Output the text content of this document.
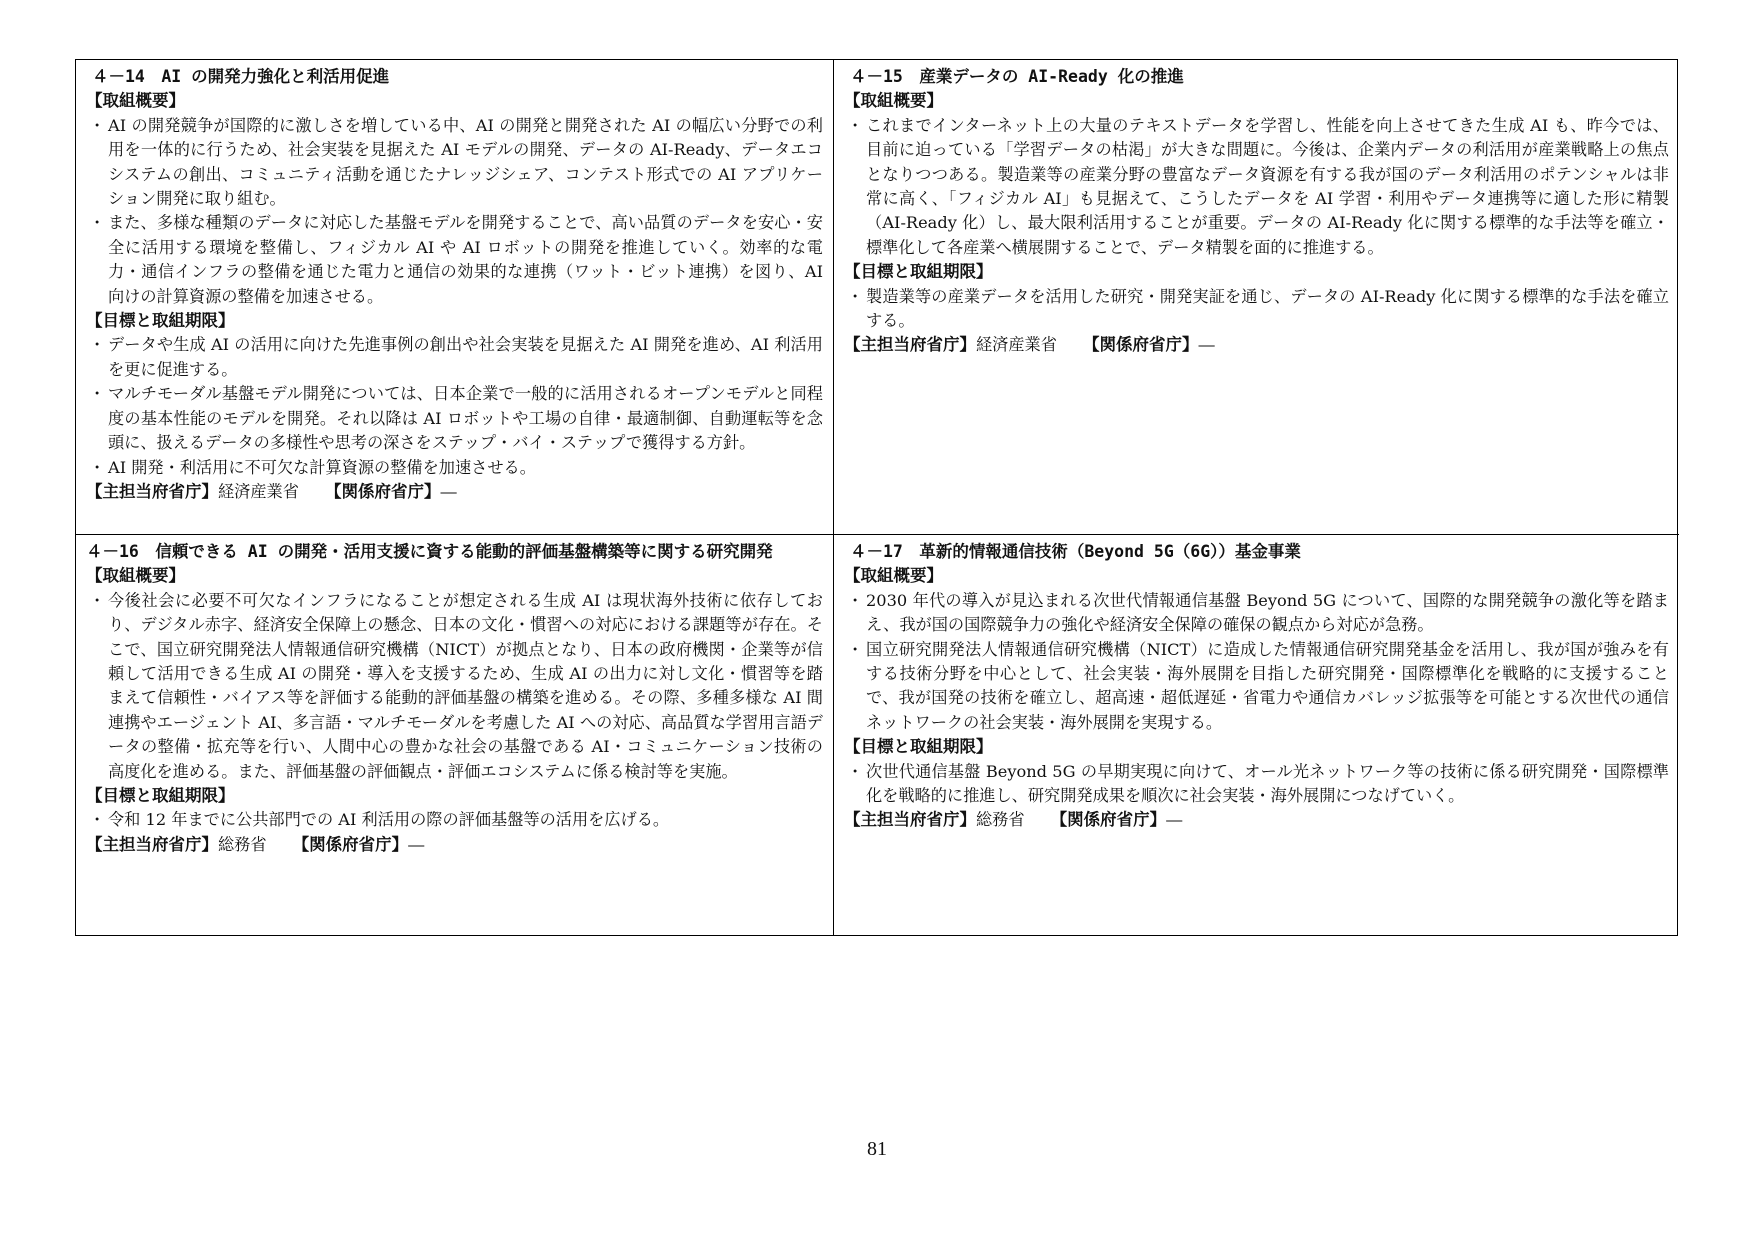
４－14　AI の開発力強化と利活用促進
【取組概要】
・ AI の開発競争が国際的に激しさを増している中、AI の開発と開発された AI の幅広い分野での利用を一体的に行うため、社会実装を見据えた AI モデルの開発、データの AI-Ready、データエコシステムの創出、コミュニティ活動を通じたナレッジシェア、コンテスト形式での AI アプリケーション開発に取り組む。
・ また、多様な種類のデータに対応した基盤モデルを開発することで、高い品質のデータを安心・安全に活用する環境を整備し、フィジカル AI や AI ロボットの開発を推進していく。効率的な電力・通信インフラの整備を通じた電力と通信の効果的な連携（ワット・ビット連携）を図り、AI 向けの計算資源の整備を加速させる。
【目標と取組期限】
・ データや生成 AI の活用に向けた先進事例の創出や社会実装を見据えた AI 開発を進め、AI 利活用を更に促進する。
・ マルチモーダル基盤モデル開発については、日本企業で一般的に活用されるオープンモデルと同程度の基本性能のモデルを開発。それ以降は AI ロボットや工場の自律・最適制御、自動運転等を念頭に、扱えるデータの多様性や思考の深さをステップ・バイ・ステップで獲得する方針。
・ AI 開発・利活用に不可欠な計算資源の整備を加速させる。
【主担当府省庁】経済産業省 【関係府省庁】―
４－15　産業データの AI-Ready 化の推進
【取組概要】
・ これまでインターネット上の大量のテキストデータを学習し、性能を向上させてきた生成 AI も、昨今では、目前に迫っている「学習データの枯渇」が大きな問題に。今後は、企業内データの利活用が産業戦略上の焦点となりつつある。製造業等の産業分野の豊富なデータ資源を有する我が国のデータ利活用のポテンシャルは非常に高く、「フィジカル AI」も見据えて、こうしたデータを AI 学習・利用やデータ連携等に適した形に精製（AI-Ready 化）し、最大限利活用することが重要。データの AI-Ready 化に関する標準的な手法等を確立・標準化して各産業へ横展開することで、データ精製を面的に推進する。
【目標と取組期限】
・ 製造業等の産業データを活用した研究・開発実証を通じ、データの AI-Ready 化に関する標準的な手法を確立する。
【主担当府省庁】経済産業省 【関係府省庁】―
４－16　信頼できる AI の開発・活用支援に資する能動的評価基盤構築等に関する研究開発
【取組概要】
・ 今後社会に必要不可欠なインフラになることが想定される生成 AI は現状海外技術に依存しており、デジタル赤字、経済安全保障上の懸念、日本の文化・慣習への対応における課題等が存在。そこで、国立研究開発法人情報通信研究機構（NICT）が拠点となり、日本の政府機関・企業等が信頼して活用できる生成 AI の開発・導入を支援するため、生成 AI の出力に対し文化・慣習等を踏まえて信頼性・バイアス等を評価する能動的評価基盤の構築を進める。その際、多種多様な AI 間連携やエージェント AI、多言語・マルチモーダルを考慮した AI への対応、高品質な学習用言語データの整備・拡充等を行い、人間中心の豊かな社会の基盤である AI・コミュニケーション技術の高度化を進める。また、評価基盤の評価観点・評価エコシステムに係る検討等を実施。
【目標と取組期限】
・ 令和 12 年までに公共部門での AI 利活用の際の評価基盤等の活用を広げる。
【主担当府省庁】総務省 【関係府省庁】―
４－17　革新的情報通信技術（Beyond 5G（6G））基金事業
【取組概要】
・ 2030 年代の導入が見込まれる次世代情報通信基盤 Beyond 5G について、国際的な開発競争の激化等を踏まえ、我が国の国際競争力の強化や経済安全保障の確保の観点から対応が急務。
・ 国立研究開発法人情報通信研究機構（NICT）に造成した情報通信研究開発基金を活用し、我が国が強みを有する技術分野を中心として、社会実装・海外展開を目指した研究開発・国際標準化を戦略的に支援することで、我が国発の技術を確立し、超高速・超低遅延・省電力や通信カバレッジ拡張等を可能とする次世代の通信ネットワークの社会実装・海外展開を実現する。
【目標と取組期限】
・ 次世代通信基盤 Beyond 5G の早期実現に向けて、オール光ネットワーク等の技術に係る研究開発・国際標準化を戦略的に推進し、研究開発成果を順次に社会実装・海外展開につなげていく。
【主担当府省庁】総務省 【関係府省庁】―
81
